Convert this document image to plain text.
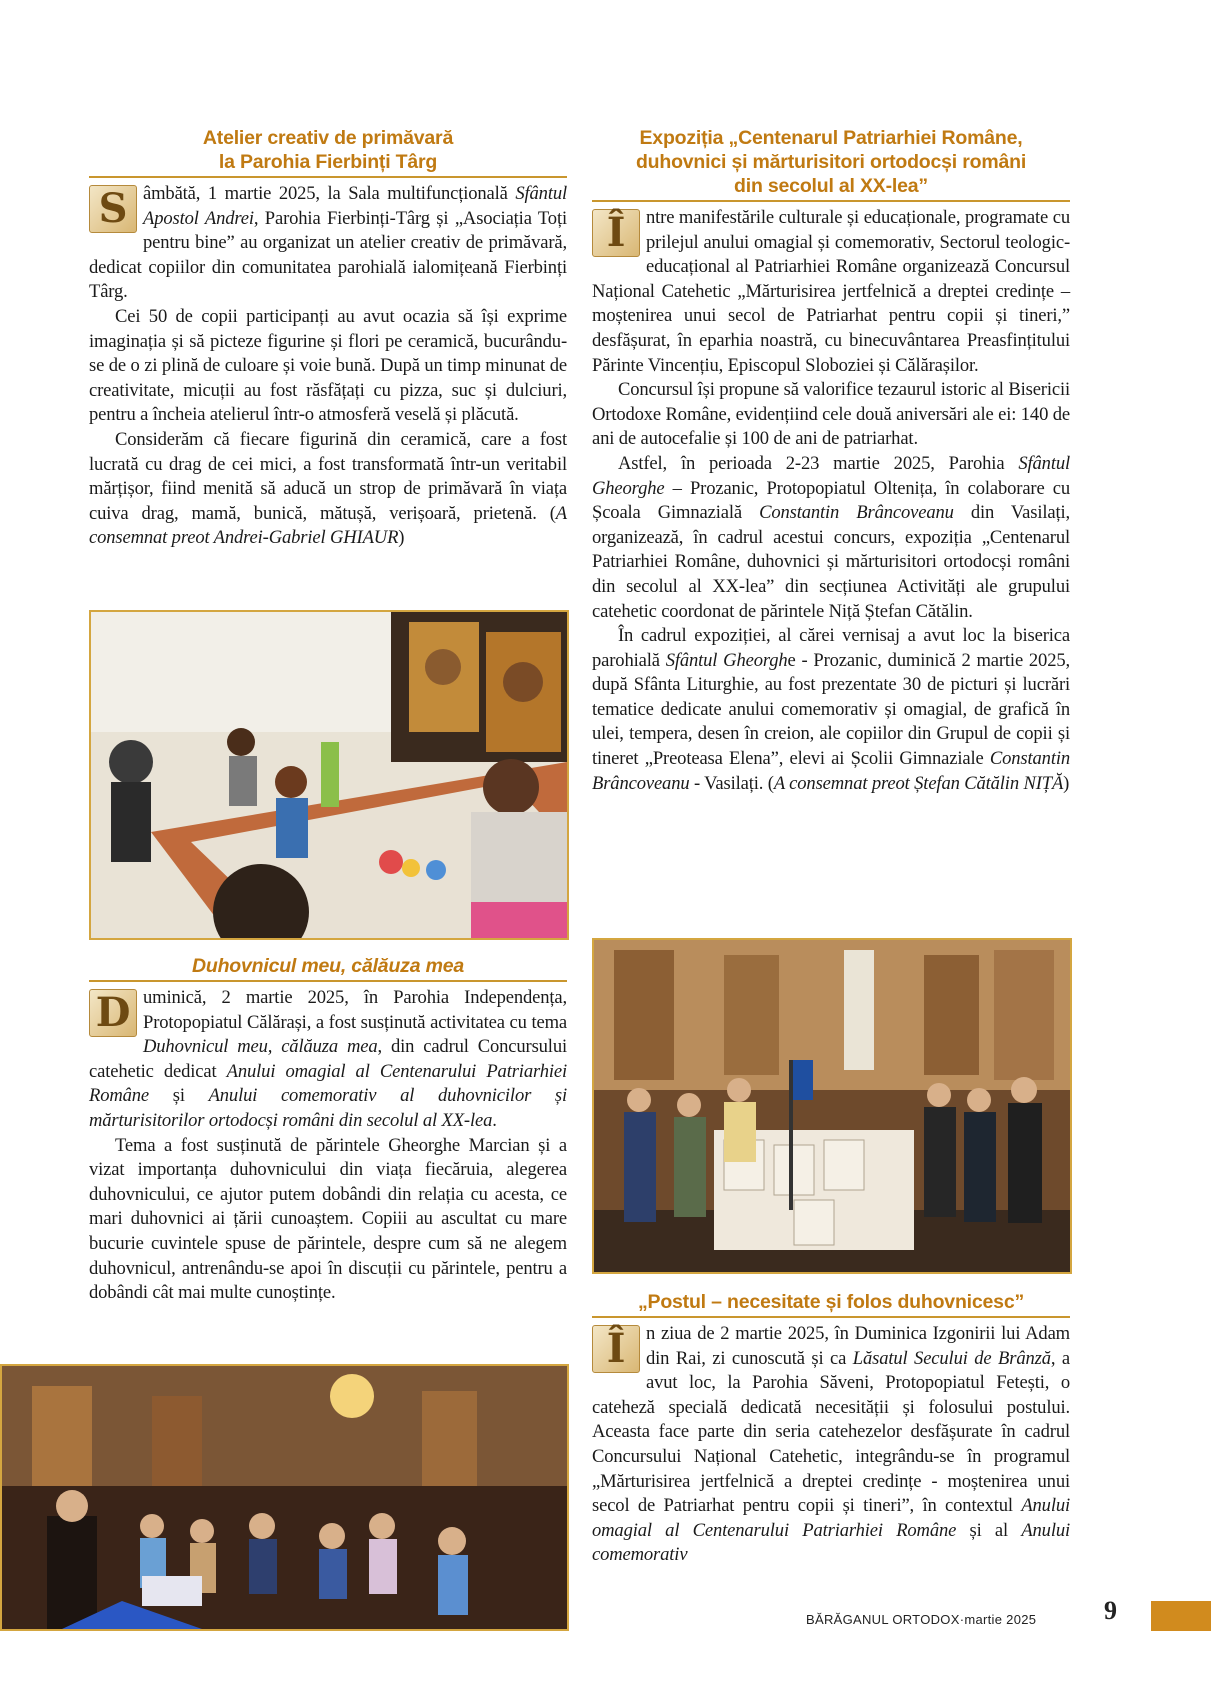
Atelier creativ de primăvară
la Parohia Fierbinți Târg

S âmbătă, 1 martie 2025, la Sala multifuncțională Sfântul Apostol Andrei, Parohia Fierbinți-Târg și „Asociația Toți pentru bine” au organizat un atelier creativ de primăvară, dedicat copiilor din comunitatea parohială ialomițeană Fierbinți Târg.

Cei 50 de copii participanți au avut ocazia să își exprime imaginația și să picteze figurine și flori pe ceramică, bucurându-se de o zi plină de culoare și voie bună. După un timp minunat de creativitate, micuții au fost răsfățați cu pizza, suc și dulciuri, pentru a încheia atelierul într-o atmosferă veselă și plăcută.

Considerăm că fiecare figurină din ceramică, care a fost lucrată cu drag de cei mici, a fost transformată într-un veritabil mărțișor, fiind menită să aducă un strop de primăvară în viața cuiva drag, mamă, bunică, mătușă, verișoară, prietenă. (A consemnat preot Andrei-Gabriel GHIAUR)

Duhovnicul meu, călăuza mea

D uminică, 2 martie 2025, în Parohia Independența, Protopopiatul Călărași, a fost susținută activitatea cu tema Duhovnicul meu, călăuza mea, din cadrul Concursului catehetic dedicat Anului omagial al Centenarului Patriarhiei Române și Anului comemorativ al duhovnicilor și mărturisitorilor ortodocși români din secolul al XX-lea.

Tema a fost susținută de părintele Gheorghe Marcian și a vizat importanța duhovnicului din viața fiecăruia, alegerea duhovnicului, ce ajutor putem dobândi din relația cu acesta, ce mari duhovnici ai țării cunoaștem. Copiii au ascultat cu mare bucurie cuvintele spuse de părintele, despre cum să ne alegem duhovnicul, antrenându-se apoi în discuții cu părintele, pentru a dobândi cât mai multe cunoștințe.

Expoziția „Centenarul Patriarhiei Române,
duhovnici și mărturisitori ortodocși români
din secolul al XX-lea”

Î	ntre manifestările culturale și educaționale, programate cu prilejul anului omagial și comemorativ, Sectorul teologic-educațional al Patriarhiei Române organizează Concursul Național Catehetic „Mărturisirea jertfelnică a dreptei credințe – moștenirea unui secol de Patriarhat pentru copii și tineri,” desfășurat, în eparhia noastră, cu binecuvântarea Preasfințitului Părinte Vincențiu, Episcopul Sloboziei și Călărașilor.

Concursul își propune să valorifice tezaurul istoric al Bisericii Ortodoxe Române, evidențiind cele două aniversări ale ei: 140 de ani de autocefalie și 100 de ani de patriarhat.

Astfel, în perioada 2-23 martie 2025, Parohia Sfântul Gheorghe – Prozanic, Protopopiatul Oltenița, în colaborare cu Școala Gimnazială Constantin Brâncoveanu din Vasilați, organizează, în cadrul acestui concurs, expoziția „Centenarul Patriarhiei Române, duhovnici și mărturisitori ortodocși români din secolul al XX-lea” din secțiunea Activități ale grupului catehetic coordonat de părintele Niță Ștefan Cătălin.

În cadrul expoziției, al cărei vernisaj a avut loc la biserica parohială Sfântul Gheorghe - Prozanic, duminică 2 martie 2025, după Sfânta Liturghie, au fost prezentate 30 de picturi și lucrări tematice dedicate anului comemorativ și omagial, de grafică în ulei, tempera, desen în creion, ale copiilor din Grupul de copii și tineret „Preoteasa Elena”, elevi ai Școlii Gimnaziale Constantin Brâncoveanu - Vasilați. (A consemnat preot Ștefan Cătălin NIȚĂ)

„Postul – necesitate și folos duhovnicesc”

Î	n ziua de 2 martie 2025, în Duminica Izgonirii lui Adam din Rai, zi cunoscută și ca Lăsatul Secului de Brânză, a avut loc, la Parohia Săveni, Protopopiatul Fetești, o cateheză specială dedicată necesității și folosului postului. Aceasta face parte din seria catehezelor desfășurate în cadrul Concursului Național Catehetic, integrându-se în programul „Mărturisirea jertfelnică a dreptei credințe - moștenirea unui secol de Patriarhat pentru copii și tineri”, în contextul Anului omagial al Centenarului Patriarhiei Române și al Anului comemorativ

BĂRĂGANUL ORTODOX · martie 2025	9
